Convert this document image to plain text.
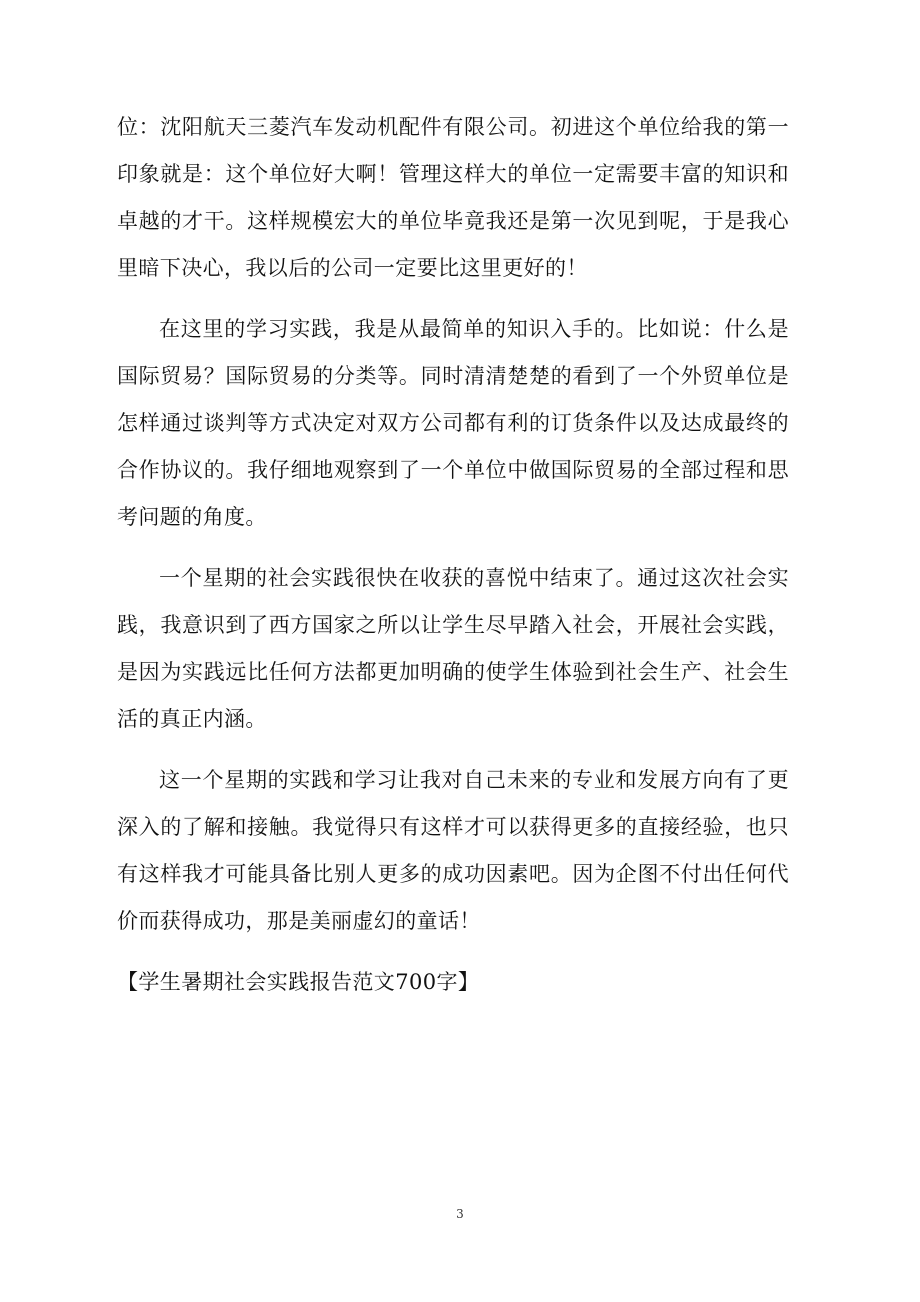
位：沈阳航天三菱汽车发动机配件有限公司。初进这个单位给我的第一印象就是：这个单位好大啊！管理这样大的单位一定需要丰富的知识和卓越的才干。这样规模宏大的单位毕竟我还是第一次见到呢，于是我心里暗下决心，我以后的公司一定要比这里更好的！

在这里的学习实践，我是从最简单的知识入手的。比如说：什么是国际贸易？国际贸易的分类等。同时清清楚楚的看到了一个外贸单位是怎样通过谈判等方式决定对双方公司都有利的订货条件以及达成最终的合作协议的。我仔细地观察到了一个单位中做国际贸易的全部过程和思考问题的角度。

一个星期的社会实践很快在收获的喜悦中结束了。通过这次社会实践，我意识到了西方国家之所以让学生尽早踏入社会，开展社会实践，是因为实践远比任何方法都更加明确的使学生体验到社会生产、社会生活的真正内涵。

这一个星期的实践和学习让我对自己未来的专业和发展方向有了更深入的了解和接触。我觉得只有这样才可以获得更多的直接经验，也只有这样我才可能具备比别人更多的成功因素吧。因为企图不付出任何代价而获得成功，那是美丽虚幻的童话！

【学生暑期社会实践报告范文700字】

3
